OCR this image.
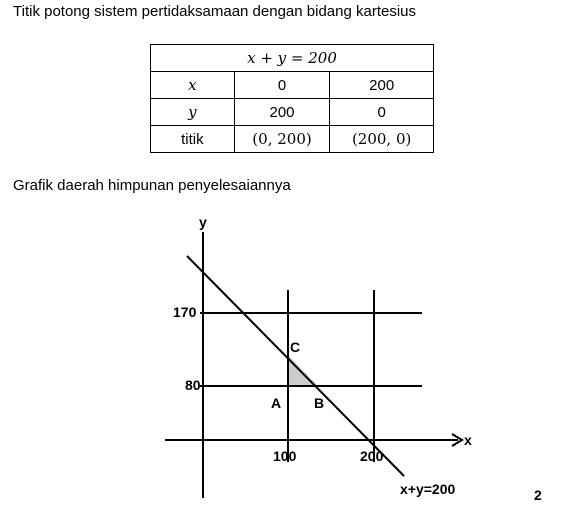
Titik potong sistem pertidaksamaan dengan bidang kartesius
x + y = 200		
x	0	200
y	200	0
titik	(0, 200)	(200, 0)
Grafik daerah himpunan penyelesaiannya
y
x
170
80
100	200
C
A B
x+y=200	2
